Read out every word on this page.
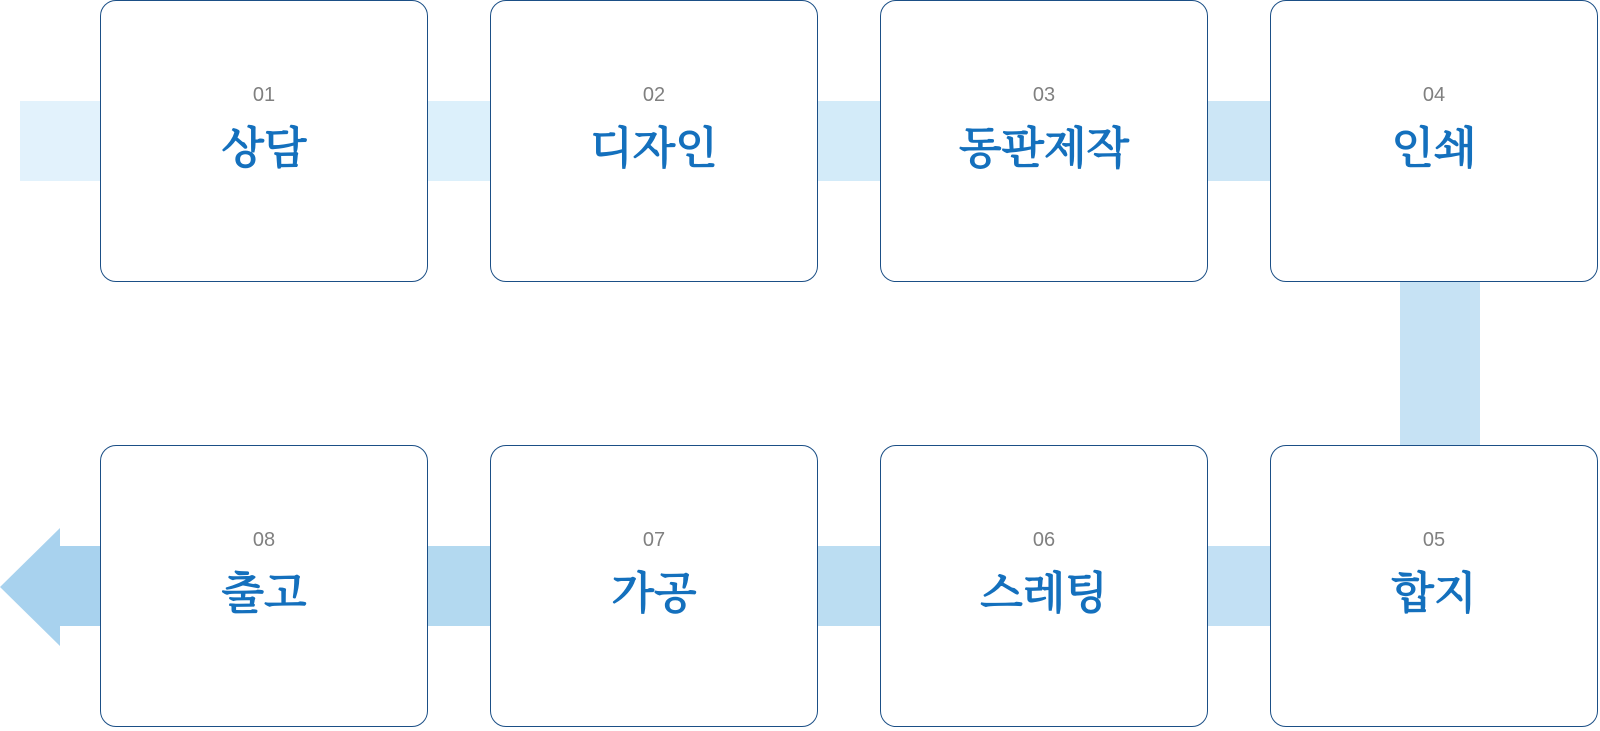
01
상담
02
디자인
03
동판제작
04
인쇄
05
합지
06
스레팅
07
가공
08
출고
